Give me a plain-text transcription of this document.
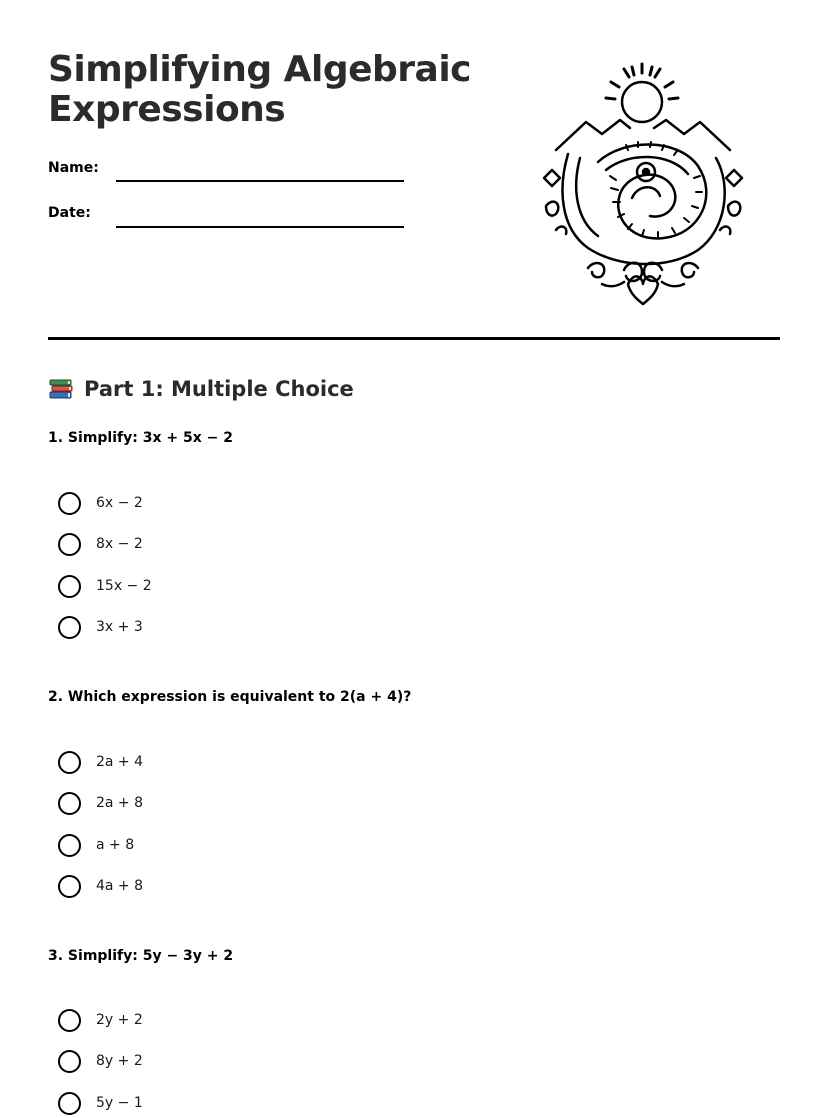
Simplifying Algebraic Expressions
Name:
Date:
Part 1: Multiple Choice
1. Simplify: 3x + 5x − 2
6x − 2
8x − 2
15x − 2
3x + 3
2. Which expression is equivalent to 2(a + 4)?
2a + 4
2a + 8
a + 8
4a + 8
3. Simplify: 5y − 3y + 2
2y + 2
8y + 2
5y − 1
